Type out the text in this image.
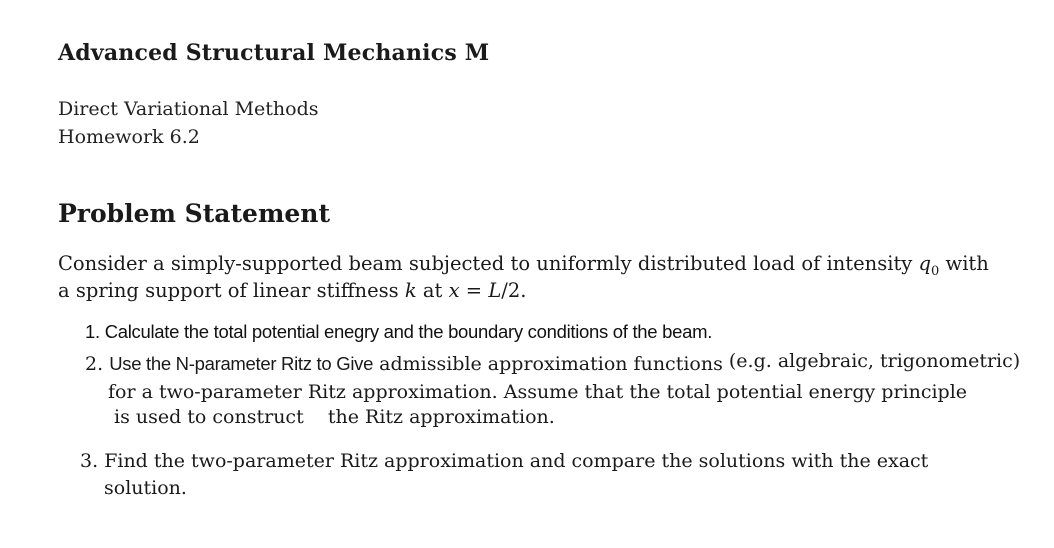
Advanced Structural Mechanics M
Direct Variational Methods
Homework 6.2
Problem Statement
Consider a simply-supported beam subjected to uniformly distributed load of intensity $q_0$ with
a spring support of linear stiffness k at x = L/2.
1. Calculate the total potential enegry and the boundary conditions of the beam.
2. Use the N-parameter Ritz to Give admissible approximation functions (e.g. algebraic, trigonometric)
for a two-parameter Ritz approximation. Assume that the total potential energy principle
is used to construct    the Ritz approximation.
3. Find the two-parameter Ritz approximation and compare the solutions with the exact
solution.
